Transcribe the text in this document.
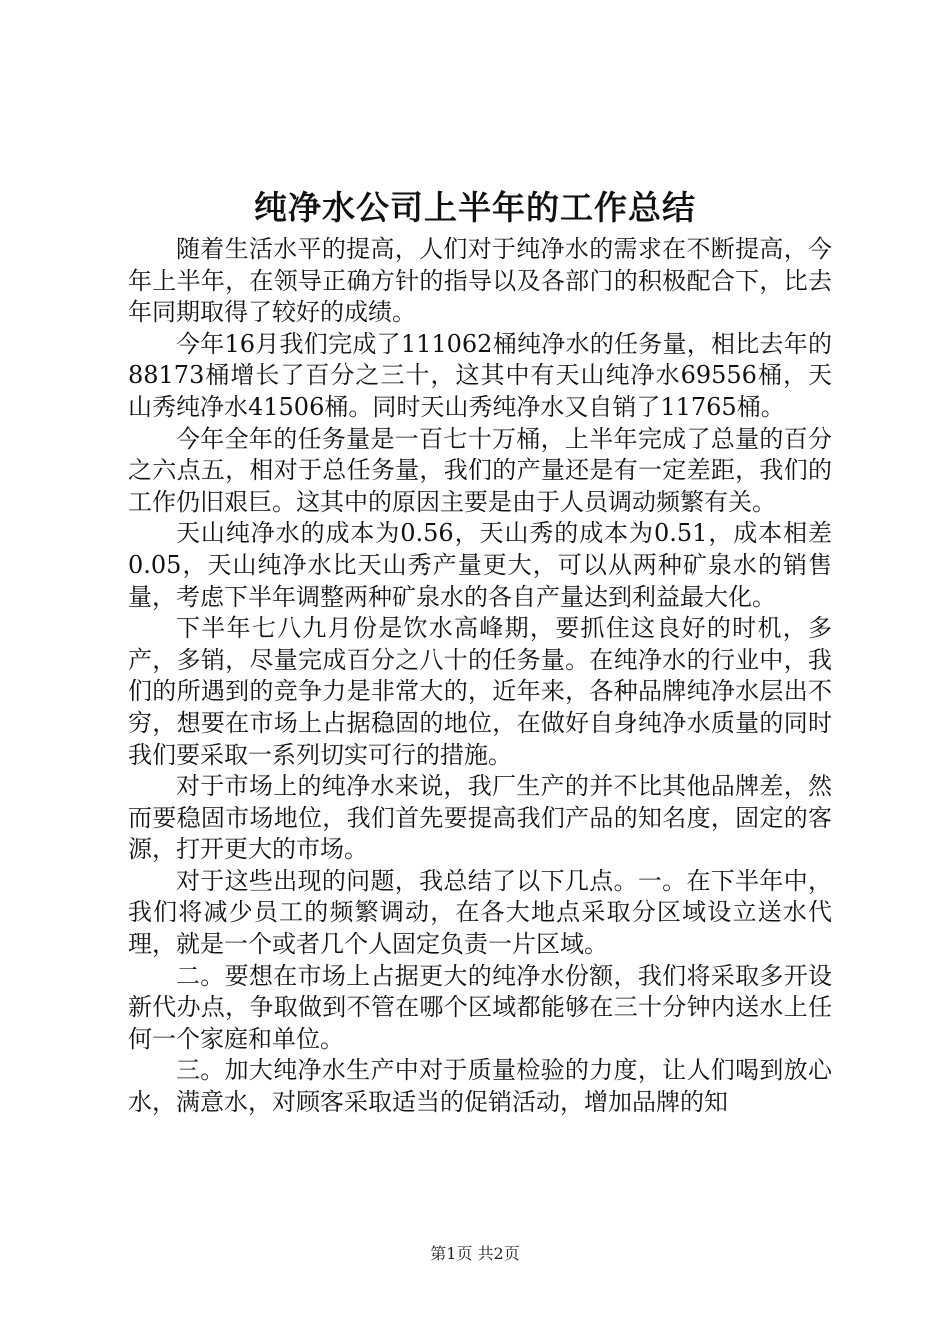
纯净水公司上半年的工作总结

随着生活水平的提高，人们对于纯净水的需求在不断提高，今年上半年，在领导正确方针的指导以及各部门的积极配合下，比去年同期取得了较好的成绩。

今年16月我们完成了111062桶纯净水的任务量，相比去年的88173桶增长了百分之三十，这其中有天山纯净水69556桶，天山秀纯净水41506桶。同时天山秀纯净水又自销了11765桶。

今年全年的任务量是一百七十万桶，上半年完成了总量的百分之六点五，相对于总任务量，我们的产量还是有一定差距，我们的工作仍旧艰巨。这其中的原因主要是由于人员调动频繁有关。

天山纯净水的成本为0.56，天山秀的成本为0.51，成本相差0.05，天山纯净水比天山秀产量更大，可以从两种矿泉水的销售量，考虑下半年调整两种矿泉水的各自产量达到利益最大化。

下半年七八九月份是饮水高峰期，要抓住这良好的时机，多产，多销，尽量完成百分之八十的任务量。在纯净水的行业中，我们的所遇到的竞争力是非常大的，近年来，各种品牌纯净水层出不穷，想要在市场上占据稳固的地位，在做好自身纯净水质量的同时我们要采取一系列切实可行的措施。

对于市场上的纯净水来说，我厂生产的并不比其他品牌差，然而要稳固市场地位，我们首先要提高我们产品的知名度，固定的客源，打开更大的市场。

对于这些出现的问题，我总结了以下几点。一。在下半年中，我们将减少员工的频繁调动，在各大地点采取分区域设立送水代理，就是一个或者几个人固定负责一片区域。

二。要想在市场上占据更大的纯净水份额，我们将采取多开设新代办点，争取做到不管在哪个区域都能够在三十分钟内送水上任何一个家庭和单位。

三。加大纯净水生产中对于质量检验的力度，让人们喝到放心水，满意水，对顾客采取适当的促销活动，增加品牌的知

第1页 共2页
